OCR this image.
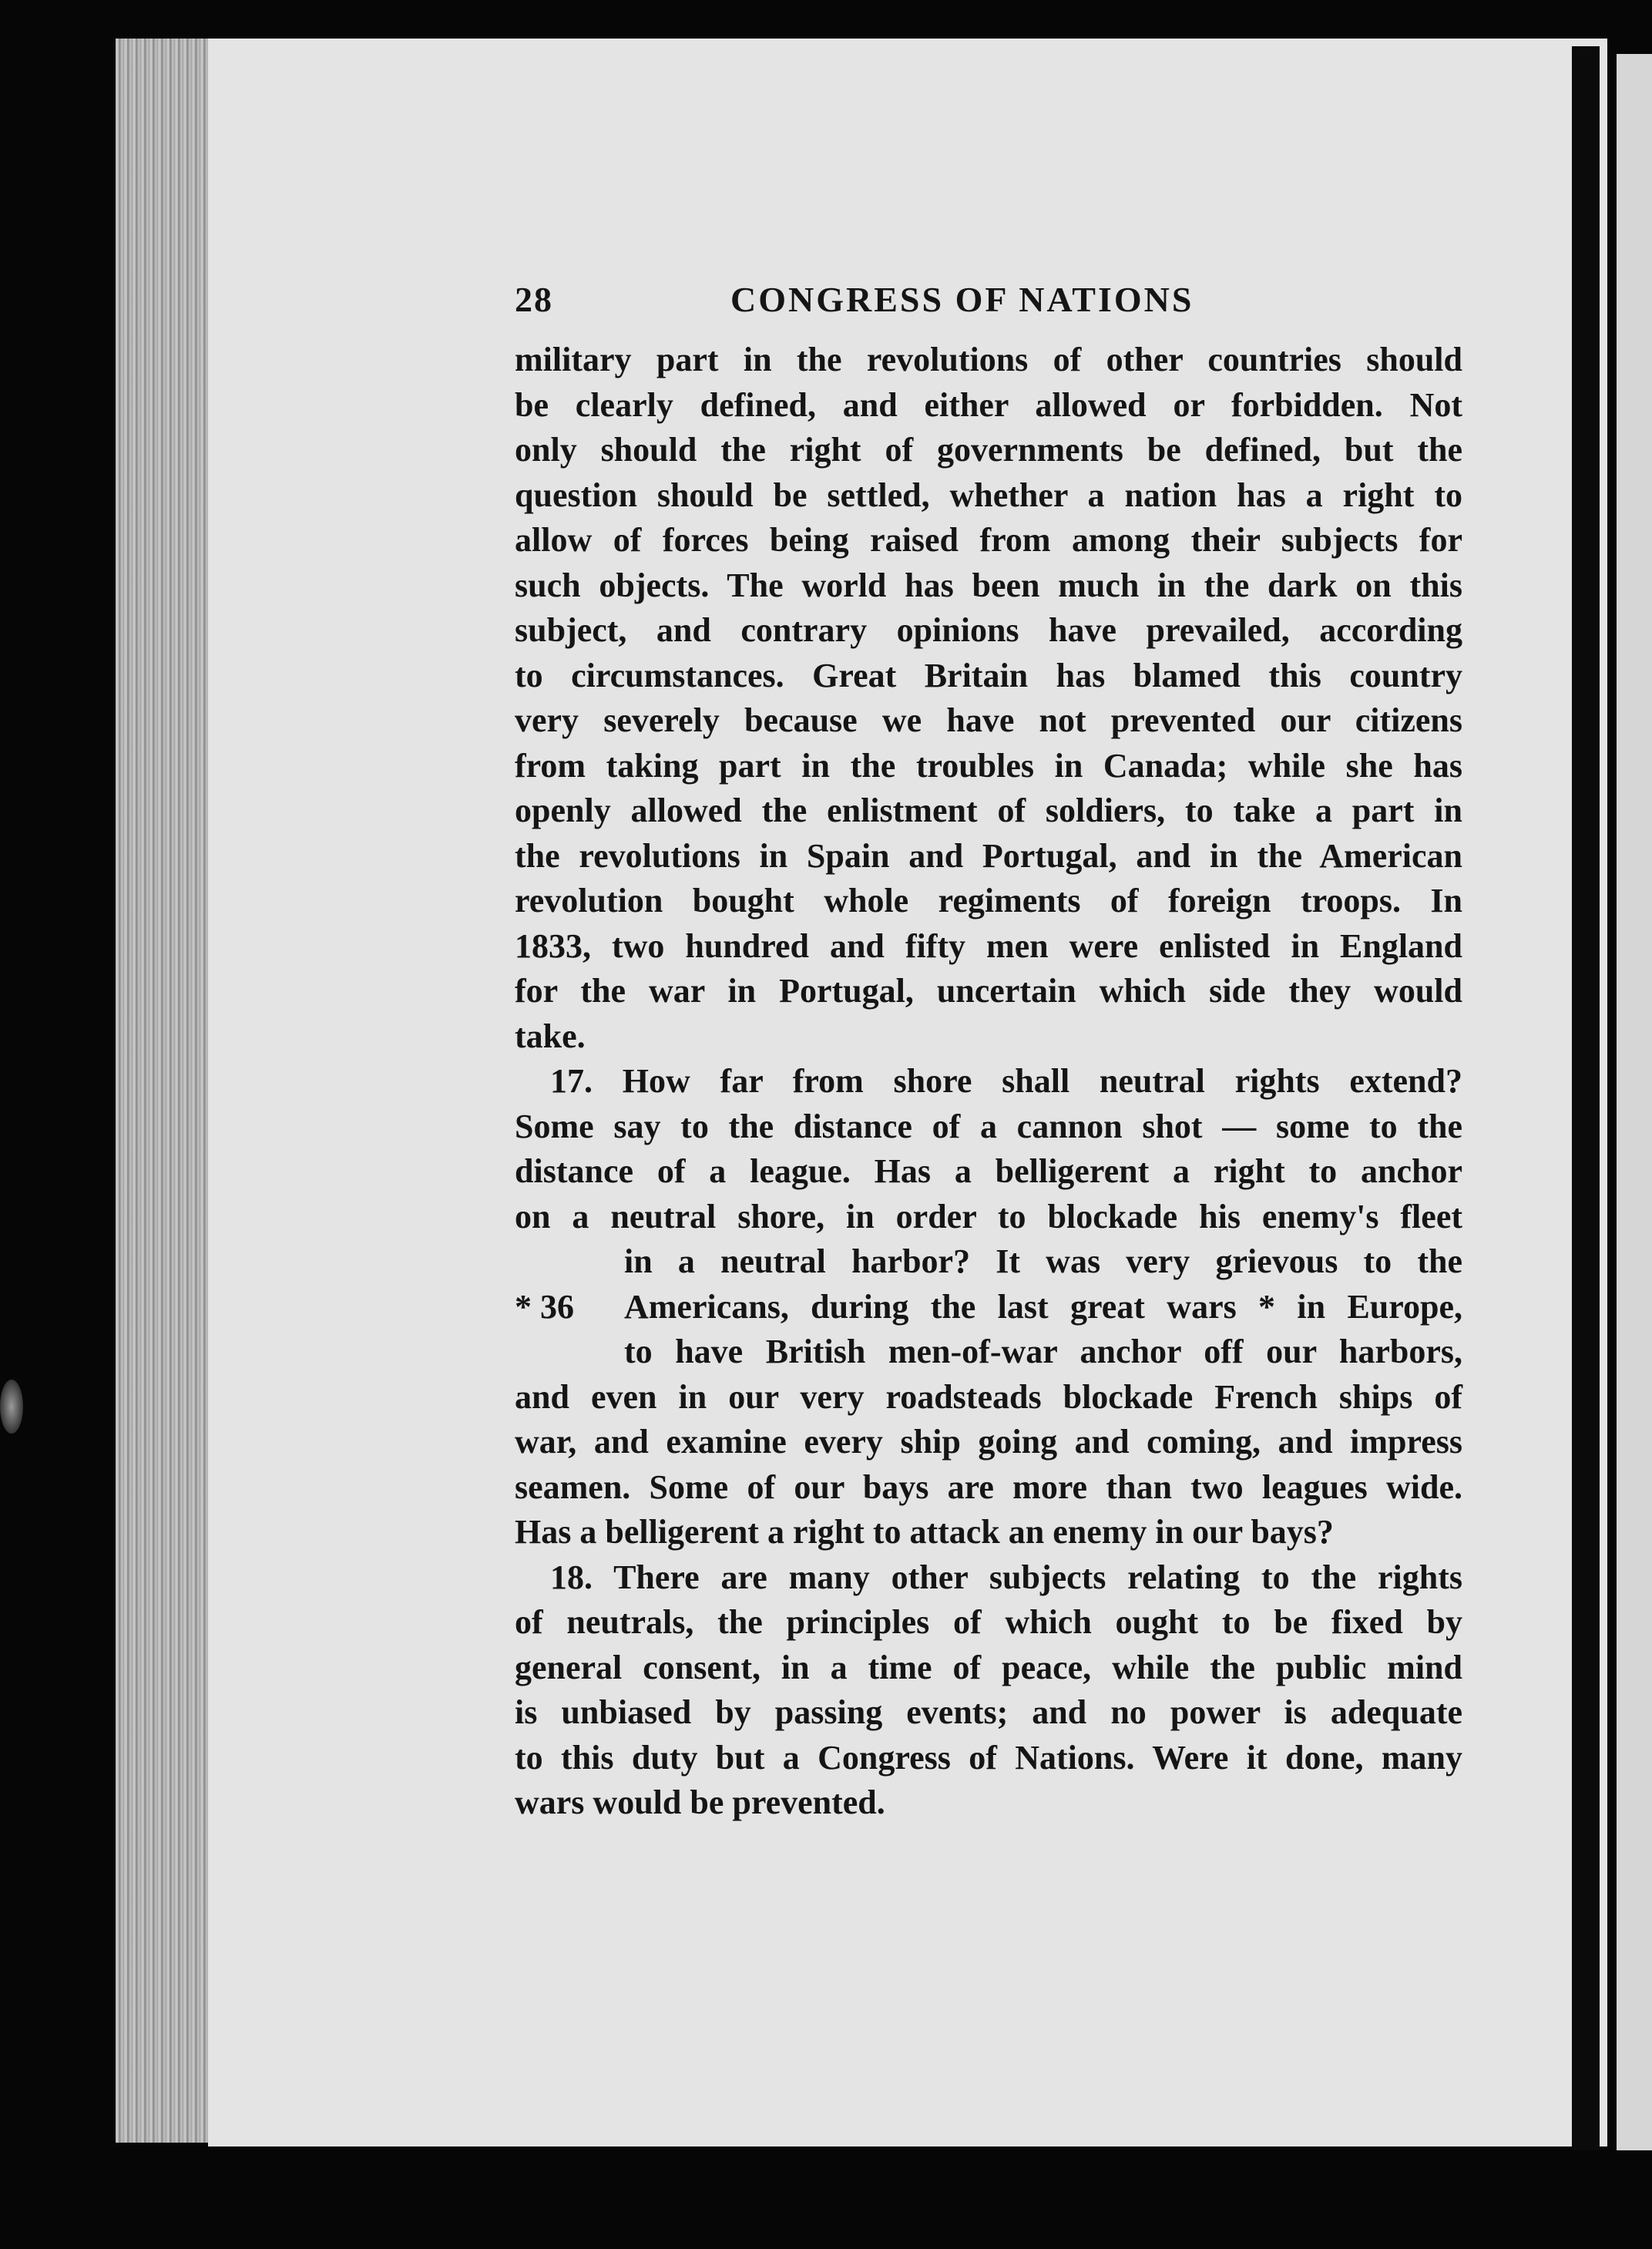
28	CONGRESS OF NATIONS
military part in the revolutions of other countries should
be clearly defined, and either allowed or forbidden. Not
only should the right of governments be defined, but the
question should be settled, whether a nation has a right to
allow of forces being raised from among their subjects for
such objects. The world has been much in the dark on this
subject, and contrary opinions have prevailed, according
to circumstances. Great Britain has blamed this country
very severely because we have not prevented our citizens
from taking part in the troubles in Canada; while she has
openly allowed the enlistment of soldiers, to take a part in
the revolutions in Spain and Portugal, and in the American
revolution bought whole regiments of foreign troops. In
1833, two hundred and fifty men were enlisted in England
for the war in Portugal, uncertain which side they would
take.
17. How far from shore shall neutral rights extend?
Some say to the distance of a cannon shot — some to the
distance of a league. Has a belligerent a right to anchor
on a neutral shore, in order to blockade his enemy's fleet
in a neutral harbor? It was very grievous to the
* 36 Americans, during the last great wars * in Europe,
to have British men-of-war anchor off our harbors,
and even in our very roadsteads blockade French ships of
war, and examine every ship going and coming, and impress
seamen. Some of our bays are more than two leagues wide.
Has a belligerent a right to attack an enemy in our bays?
18. There are many other subjects relating to the rights
of neutrals, the principles of which ought to be fixed by
general consent, in a time of peace, while the public mind
is unbiased by passing events; and no power is adequate
to this duty but a Congress of Nations. Were it done, many
wars would be prevented.
